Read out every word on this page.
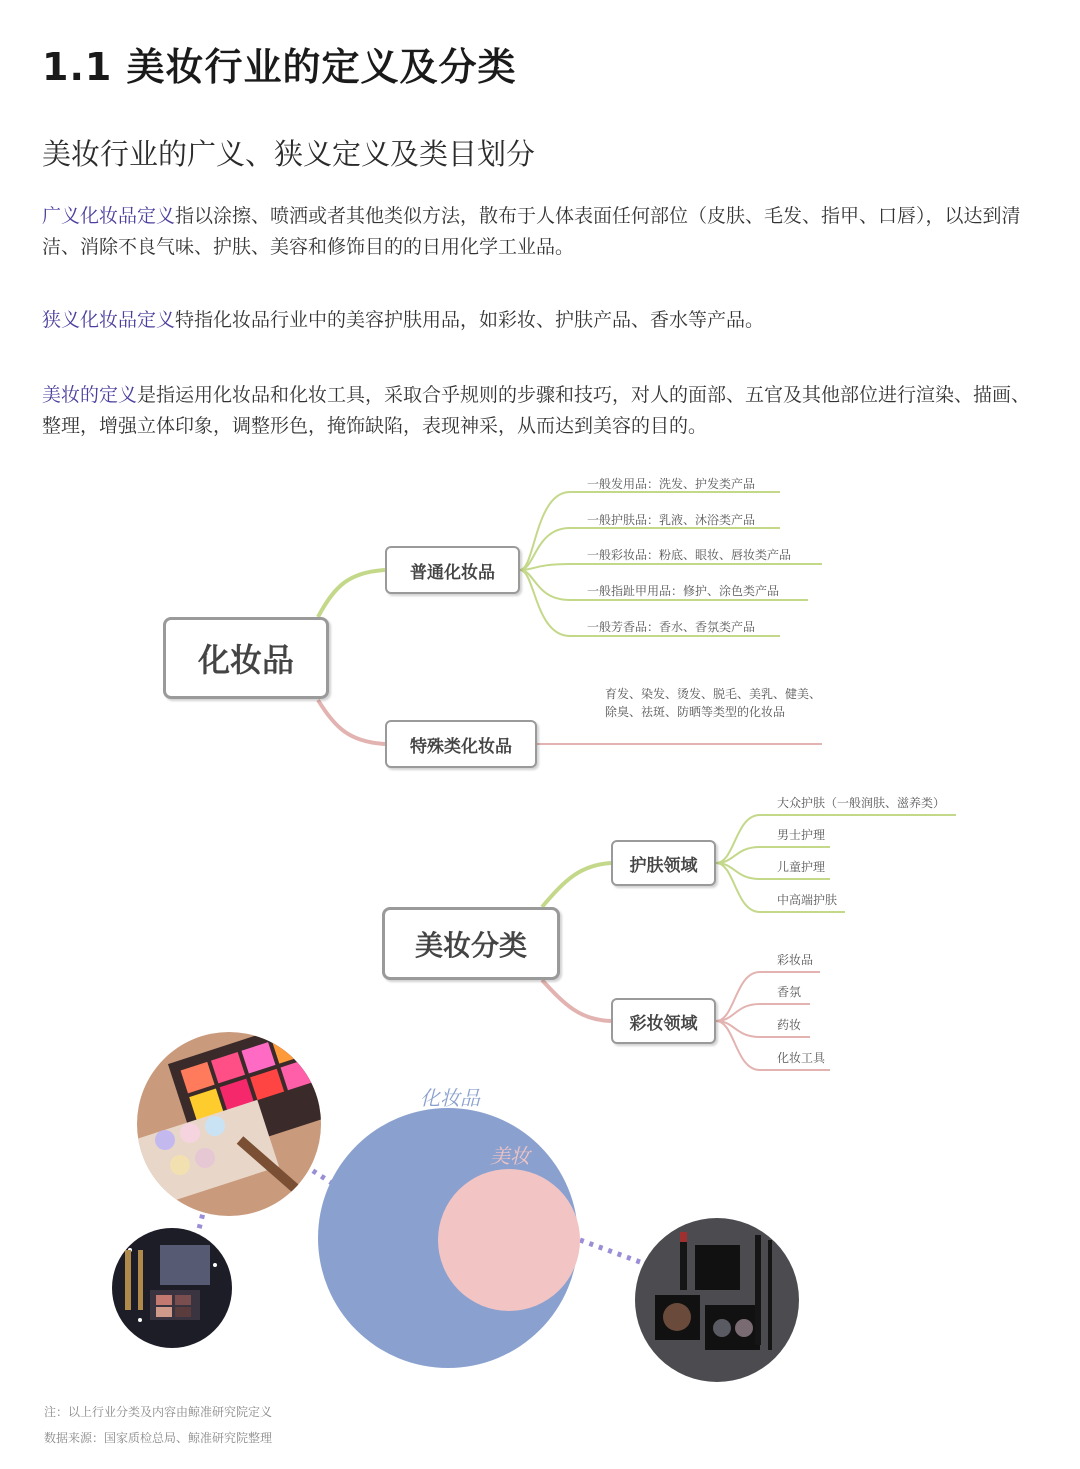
1.1 美妆行业的定义及分类
美妆行业的广义、狭义定义及类目划分
广义化妆品定义指以涂擦、喷洒或者其他类似方法，散布于人体表面任何部位（皮肤、毛发、指甲、口唇），以达到清洁、消除不良气味、护肤、美容和修饰目的的日用化学工业品。
狭义化妆品定义特指化妆品行业中的美容护肤用品，如彩妆、护肤产品、香水等产品。
美妆的定义是指运用化妆品和化妆工具，采取合乎规则的步骤和技巧，对人的面部、五官及其他部位进行渲染、描画、整理，增强立体印象，调整形色，掩饰缺陷，表现神采，从而达到美容的目的。
化妆品
普通化妆品
特殊类化妆品
一般发用品：洗发、护发类产品
一般护肤品：乳液、沐浴类产品
一般彩妆品：粉底、眼妆、唇妆类产品
一般指趾甲用品：修护、涂色类产品
一般芳香品：香水、香氛类产品
育发、染发、烫发、脱毛、美乳、健美、除臭、祛斑、防晒等类型的化妆品
美妆分类
护肤领域
彩妆领域
大众护肤（一般润肤、滋养类）
男士护理
儿童护理
中高端护肤
彩妆品
香氛
药妆
化妆工具
化妆品
美妆
注：以上行业分类及内容由鲸准研究院定义
数据来源：国家质检总局、鲸准研究院整理
